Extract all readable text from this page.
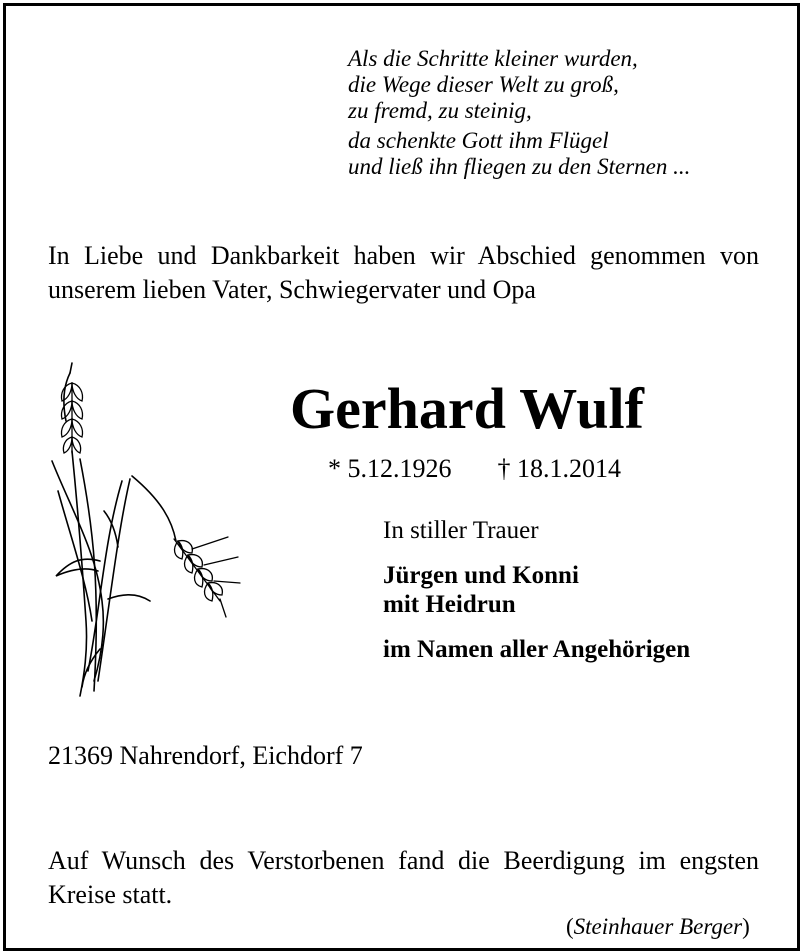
Als die Schritte kleiner wurden,
die Wege dieser Welt zu groß,
zu fremd, zu steinig,
da schenkte Gott ihm Flügel
und ließ ihn fliegen zu den Sternen ...
In Liebe und Dankbarkeit haben wir Abschied genommen von unserem lieben Vater, Schwiegervater und Opa
Gerhard Wulf
* 5.12.1926 † 18.1.2014
In stiller Trauer
Jürgen und Konni
mit Heidrun
im Namen aller Angehörigen
21369 Nahrendorf, Eichdorf 7
Auf Wunsch des Verstorbenen fand die Beerdigung im engsten Kreise statt.
(Steinhauer Berger)
